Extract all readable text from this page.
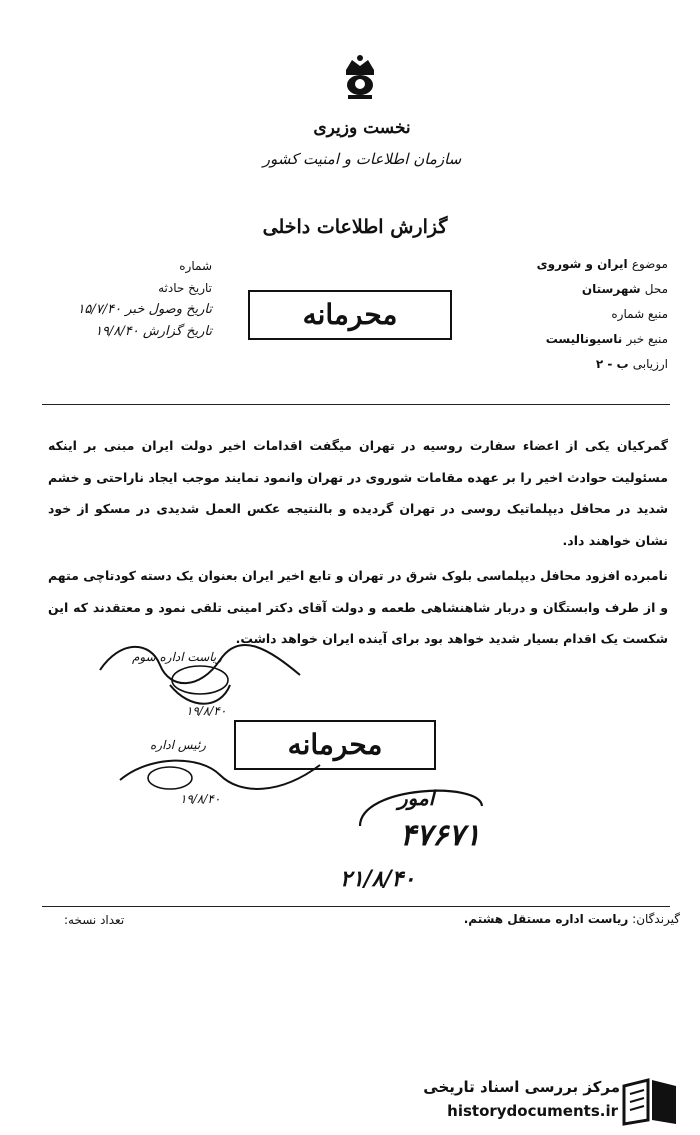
نخست وزیری
سازمان اطلاعات و امنیت کشور
گزارش اطلاعات داخلی
شماره
تاریخ حادثه
تاریخ وصول خبر ۱۵/۷/۴۰
تاریخ گزارش ۱۹/۸/۴۰
موضوع ایران و شوروی
محل شهرستان
منبع شماره
منبع خبر ناسیونالیست
ارزیابی ب - ۲
محرمانه

گمرکیان یکی از اعضاء سفارت روسیه در تهران میگفت اقدامات اخیر دولت ایران مبنی بر اینکه مسئولیت حوادث اخیر را بر عهده مقامات شوروی در تهران وانمود نمایند موجب ایجاد ناراحتی و خشم شدید در محافل دیپلماتیک روسی در تهران گردیده و بالنتیجه عکس العمل شدیدی در مسکو از خود نشان خواهند داد.

نامبرده افزود محافل دیپلماسی بلوک شرق در تهران و تابع اخیر ایران بعنوان یک دسته کودتاچی متهم و از طرف وابستگان و دربار شاهنشاهی طعمه و دولت آقای دکتر امینی تلقی نمود و معتقدند که این شکست یک اقدام بسیار شدید خواهد بود برای آینده ایران خواهد داشت.

ریاست اداره سوم
۱۹/۸/۴۰
محرمانه
رئیس اداره
۱۹/۸/۴۰	امور
۴۷۶۷۱
۲۱/۸/۴۰
تعداد نسخه:	گیرندگان: ریاست اداره مستقل هشتم.
مرکز بررسی اسناد تاریخی
historydocuments.ir
